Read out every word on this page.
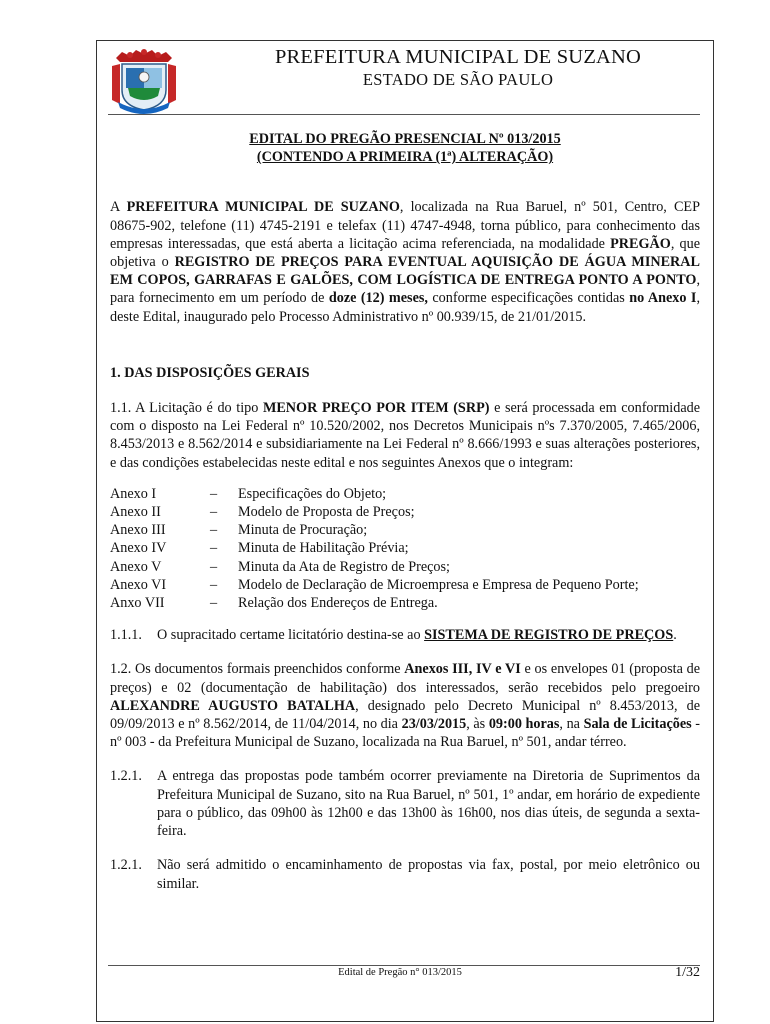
PREFEITURA MUNICIPAL DE SUZANO
ESTADO DE SÃO PAULO

EDITAL DO PREGÃO PRESENCIAL Nº 013/2015

(CONTENDO A PRIMEIRA (1ª) ALTERAÇÃO)

A PREFEITURA MUNICIPAL DE SUZANO, localizada na Rua Baruel, nº 501, Centro, CEP 08675-902, telefone (11) 4745-2191 e telefax (11) 4747-4948, torna público, para conhecimento das empresas interessadas, que está aberta a licitação acima referenciada, na modalidade PREGÃO, que objetiva o REGISTRO DE PREÇOS PARA EVENTUAL AQUISIÇÃO DE ÁGUA MINERAL EM COPOS, GARRAFAS E GALÕES, COM LOGÍSTICA DE ENTREGA PONTO A PONTO, para fornecimento em um período de doze (12) meses, conforme especificações contidas no Anexo I, deste Edital, inaugurado pelo Processo Administrativo nº 00.939/15, de 21/01/2015.

1. DAS DISPOSIÇÕES GERAIS

1.1. A Licitação é do tipo MENOR PREÇO POR ITEM (SRP) e será processada em conformidade com o disposto na Lei Federal nº 10.520/2002, nos Decretos Municipais nºs 7.370/2005, 7.465/2006, 8.453/2013 e 8.562/2014 e subsidiariamente na Lei Federal nº 8.666/1993 e suas alterações posteriores, e das condições estabelecidas neste edital e nos seguintes Anexos que o integram:

Anexo I	–	Especificações do Objeto;
Anexo II	–	Modelo de Proposta de Preços;
Anexo III	–	Minuta de Procuração;
Anexo IV	–	Minuta de Habilitação Prévia;
Anexo V	–	Minuta da Ata de Registro de Preços;
Anexo VI	–	Modelo de Declaração de Microempresa e Empresa de Pequeno Porte;
Anxo VII	–	Relação dos Endereços de Entrega.
1.1.1.	O supracitado certame licitatório destina-se ao SISTEMA DE REGISTRO DE PREÇOS.

1.2. Os documentos formais preenchidos conforme Anexos III, IV e VI e os envelopes 01 (proposta de preços) e 02 (documentação de habilitação) dos interessados, serão recebidos pelo pregoeiro ALEXANDRE AUGUSTO BATALHA, designado pelo Decreto Municipal nº 8.453/2013, de 09/09/2013 e nº 8.562/2014, de 11/04/2014, no dia 23/03/2015, às 09:00 horas, na Sala de Licitações - nº 003 - da Prefeitura Municipal de Suzano, localizada na Rua Baruel, nº 501, andar térreo.

1.2.1.	A entrega das propostas pode também ocorrer previamente na Diretoria de Suprimentos da Prefeitura Municipal de Suzano, sito na Rua Baruel, nº 501, 1º andar, em horário de expediente para o público, das 09h00 às 12h00 e das 13h00 às 16h00, nos dias úteis, de segunda a sexta-feira.
1.2.1.	Não será admitido o encaminhamento de propostas via fax, postal, por meio eletrônico ou similar.
Edital de Pregão n° 013/2015	1/32
